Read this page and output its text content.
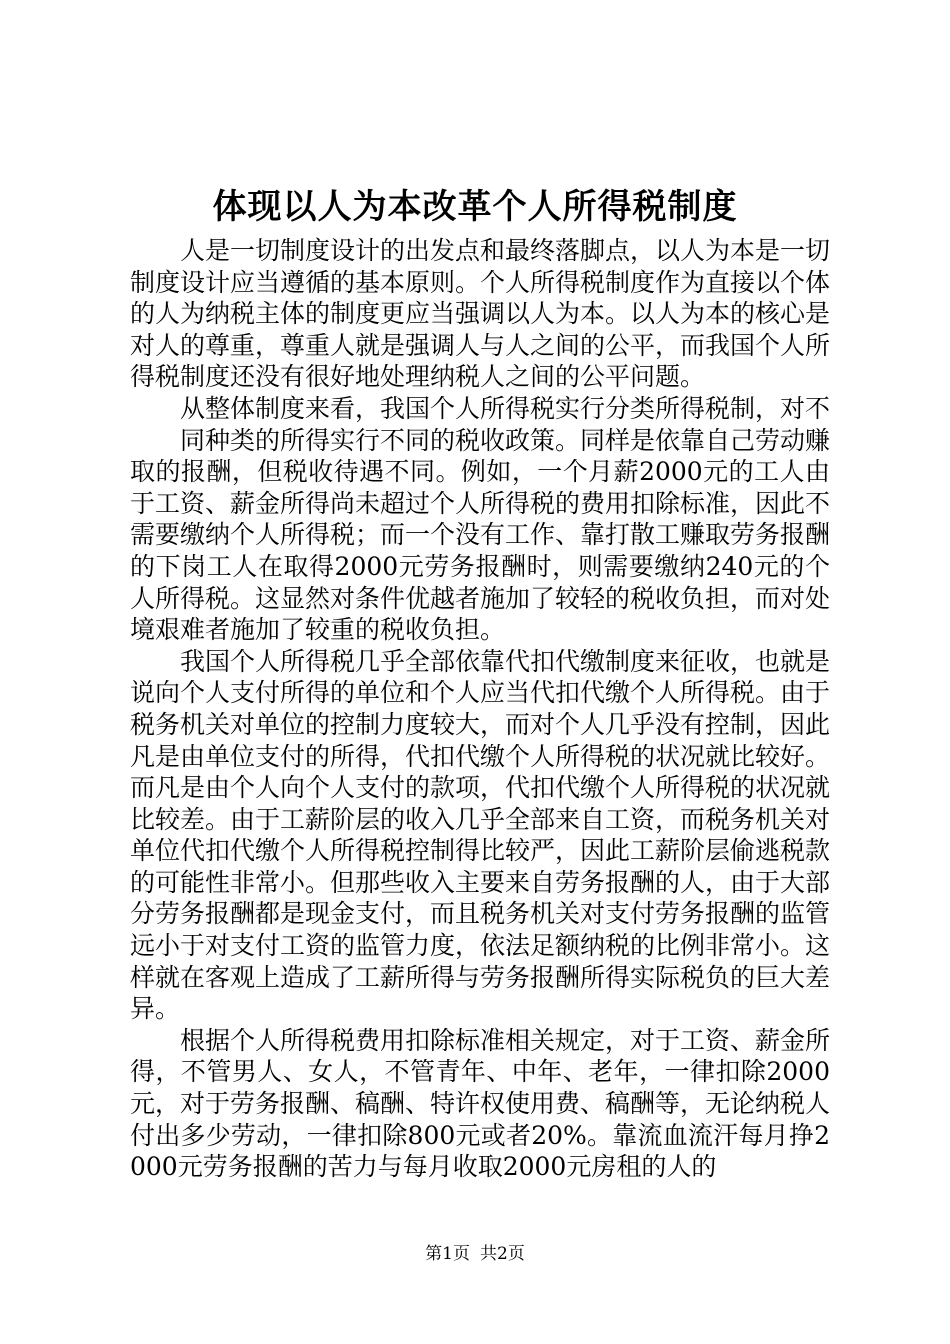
体现以人为本改革个人所得税制度

人是一切制度设计的出发点和最终落脚点，以人为本是一切制度设计应当遵循的基本原则。个人所得税制度作为直接以个体的人为纳税主体的制度更应当强调以人为本。以人为本的核心是对人的尊重，尊重人就是强调人与人之间的公平，而我国个人所得税制度还没有很好地处理纳税人之间的公平问题。

从整体制度来看，我国个人所得税实行分类所得税制，对不

同种类的所得实行不同的税收政策。同样是依靠自己劳动赚取的报酬，但税收待遇不同。例如，一个月薪2000元的工人由于工资、薪金所得尚未超过个人所得税的费用扣除标准，因此不需要缴纳个人所得税；而一个没有工作、靠打散工赚取劳务报酬的下岗工人在取得2000元劳务报酬时，则需要缴纳240元的个人所得税。这显然对条件优越者施加了较轻的税收负担，而对处境艰难者施加了较重的税收负担。

我国个人所得税几乎全部依靠代扣代缴制度来征收，也就是说向个人支付所得的单位和个人应当代扣代缴个人所得税。由于税务机关对单位的控制力度较大，而对个人几乎没有控制，因此凡是由单位支付的所得，代扣代缴个人所得税的状况就比较好。而凡是由个人向个人支付的款项，代扣代缴个人所得税的状况就比较差。由于工薪阶层的收入几乎全部来自工资，而税务机关对单位代扣代缴个人所得税控制得比较严，因此工薪阶层偷逃税款的可能性非常小。但那些收入主要来自劳务报酬的人，由于大部分劳务报酬都是现金支付，而且税务机关对支付劳务报酬的监管远小于对支付工资的监管力度，依法足额纳税的比例非常小。这样就在客观上造成了工薪所得与劳务报酬所得实际税负的巨大差异。

根据个人所得税费用扣除标准相关规定，对于工资、薪金所得，不管男人、女人，不管青年、中年、老年，一律扣除2000元，对于劳务报酬、稿酬、特许权使用费、稿酬等，无论纳税人付出多少劳动，一律扣除800元或者20%。靠流血流汗每月挣2000元劳务报酬的苦力与每月收取2000元房租的人的

第1页 共2页
